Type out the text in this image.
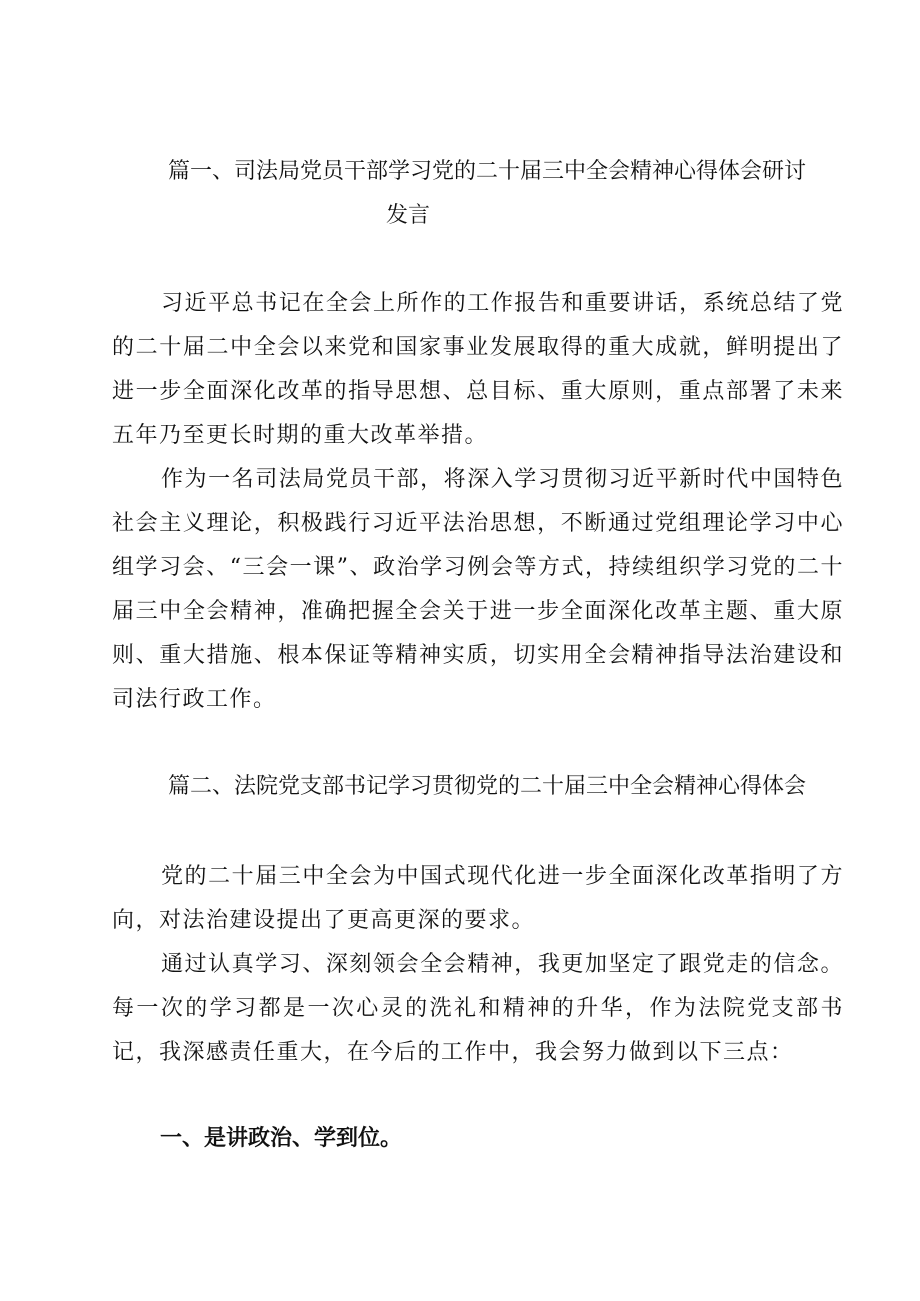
篇一、司法局党员干部学习党的二十届三中全会精神心得体会研讨
发言

习近平总书记在全会上所作的工作报告和重要讲话，系统总结了党的二十届二中全会以来党和国家事业发展取得的重大成就，鲜明提出了进一步全面深化改革的指导思想、总目标、重大原则，重点部署了未来五年乃至更长时期的重大改革举措。

作为一名司法局党员干部，将深入学习贯彻习近平新时代中国特色社会主义理论，积极践行习近平法治思想，不断通过党组理论学习中心组学习会、“三会一课”、政治学习例会等方式，持续组织学习党的二十届三中全会精神，准确把握全会关于进一步全面深化改革主题、重大原则、重大措施、根本保证等精神实质，切实用全会精神指导法治建设和司法行政工作。

篇二、法院党支部书记学习贯彻党的二十届三中全会精神心得体会

党的二十届三中全会为中国式现代化进一步全面深化改革指明了方向，对法治建设提出了更高更深的要求。

通过认真学习、深刻领会全会精神，我更加坚定了跟党走的信念。每一次的学习都是一次心灵的洗礼和精神的升华，作为法院党支部书记，我深感责任重大，在今后的工作中，我会努力做到以下三点：

一、是讲政治、学到位。
